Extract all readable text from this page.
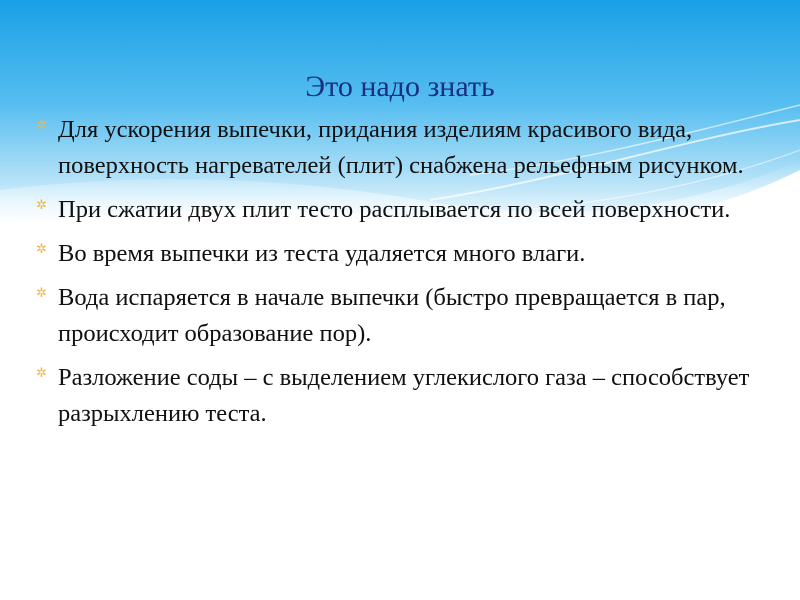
Это надо знать
✲ Для ускорения выпечки, придания изделиям красивого вида, поверхность нагревателей (плит) снабжена рельефным рисунком.
✲ При сжатии двух плит тесто расплывается по всей поверхности.
✲ Во время выпечки из теста удаляется много влаги.
✲ Вода испаряется в начале выпечки (быстро превращается в пар, происходит образование пор).
✲ Разложение соды – с выделением углекислого газа – способствует разрыхлению теста.
